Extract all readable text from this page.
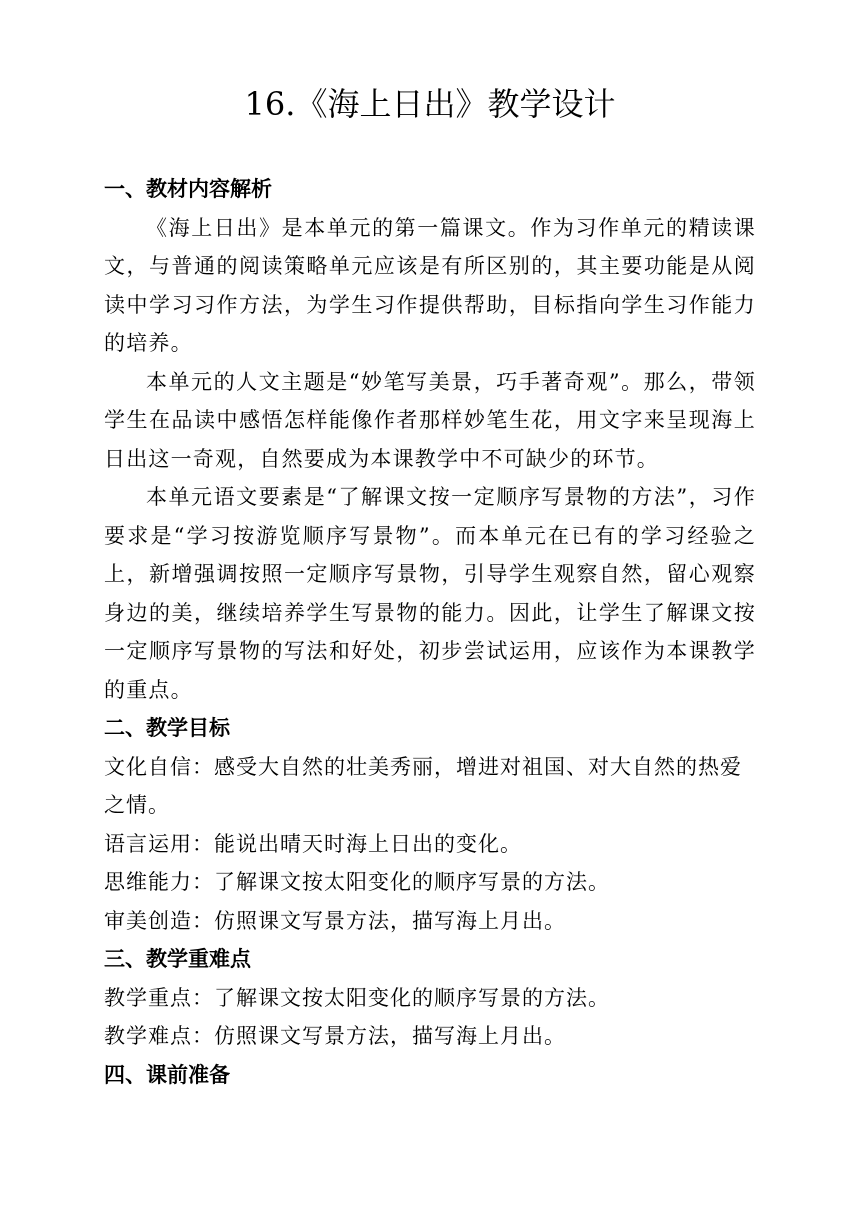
16.《海上日出》教学设计
一、教材内容解析

《海上日出》是本单元的第一篇课文。作为习作单元的精读课文，与普通的阅读策略单元应该是有所区别的，其主要功能是从阅读中学习习作方法，为学生习作提供帮助，目标指向学生习作能力的培养。

本单元的人文主题是“妙笔写美景，巧手著奇观”。那么，带领学生在品读中感悟怎样能像作者那样妙笔生花，用文字来呈现海上日出这一奇观，自然要成为本课教学中不可缺少的环节。

本单元语文要素是“了解课文按一定顺序写景物的方法”，习作要求是“学习按游览顺序写景物”。而本单元在已有的学习经验之上，新增强调按照一定顺序写景物，引导学生观察自然，留心观察身边的美，继续培养学生写景物的能力。因此，让学生了解课文按一定顺序写景物的写法和好处，初步尝试运用，应该作为本课教学的重点。

二、教学目标

文化自信：感受大自然的壮美秀丽，增进对祖国、对大自然的热爱之情。

语言运用：能说出晴天时海上日出的变化。

思维能力：了解课文按太阳变化的顺序写景的方法。

审美创造：仿照课文写景方法，描写海上月出。

三、教学重难点

教学重点：了解课文按太阳变化的顺序写景的方法。

教学难点：仿照课文写景方法，描写海上月出。

四、课前准备
